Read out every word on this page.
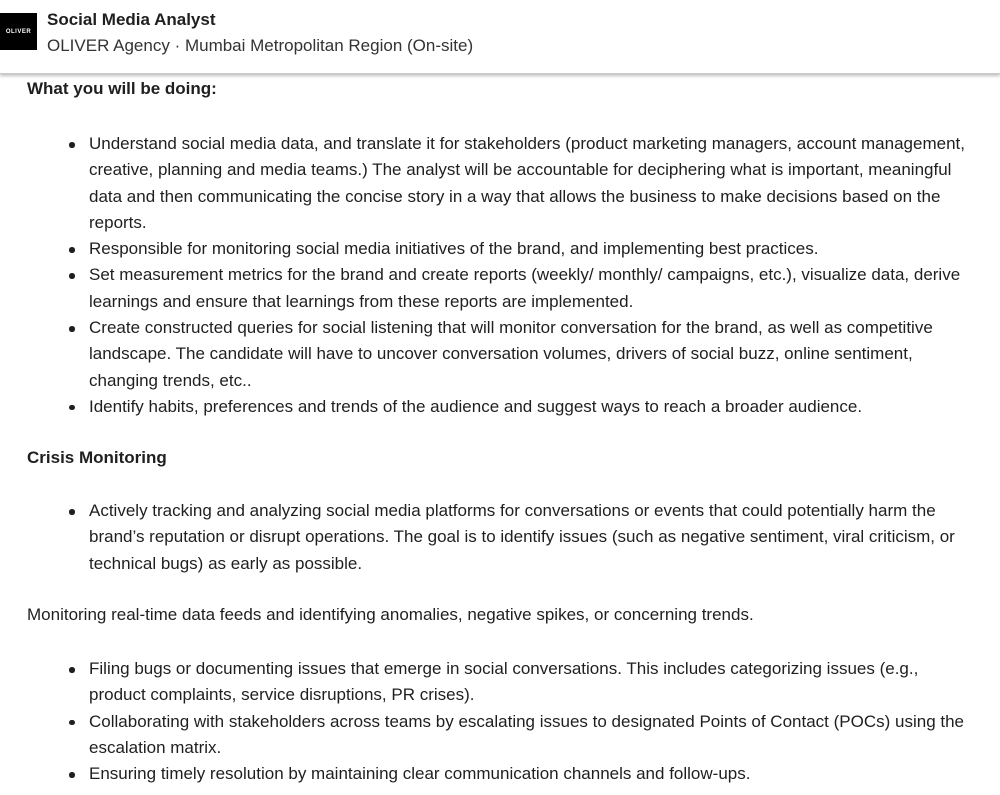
OLIVER
Social Media Analyst
OLIVER Agency · Mumbai Metropolitan Region (On-site)
What you will be doing:
Understand social media data, and translate it for stakeholders (product marketing managers, account management, creative, planning and media teams.) The analyst will be accountable for deciphering what is important, meaningful data and then communicating the concise story in a way that allows the business to make decisions based on the reports.
Responsible for monitoring social media initiatives of the brand, and implementing best practices.
Set measurement metrics for the brand and create reports (weekly/ monthly/ campaigns, etc.), visualize data, derive learnings and ensure that learnings from these reports are implemented.
Create constructed queries for social listening that will monitor conversation for the brand, as well as competitive landscape. The candidate will have to uncover conversation volumes, drivers of social buzz, online sentiment, changing trends, etc..
Identify habits, preferences and trends of the audience and suggest ways to reach a broader audience.
Crisis Monitoring
Actively tracking and analyzing social media platforms for conversations or events that could potentially harm the brand’s reputation or disrupt operations. The goal is to identify issues (such as negative sentiment, viral criticism, or technical bugs) as early as possible.
Monitoring real-time data feeds and identifying anomalies, negative spikes, or concerning trends.
Filing bugs or documenting issues that emerge in social conversations. This includes categorizing issues (e.g., product complaints, service disruptions, PR crises).
Collaborating with stakeholders across teams by escalating issues to designated Points of Contact (POCs) using the escalation matrix.
Ensuring timely resolution by maintaining clear communication channels and follow-ups.
